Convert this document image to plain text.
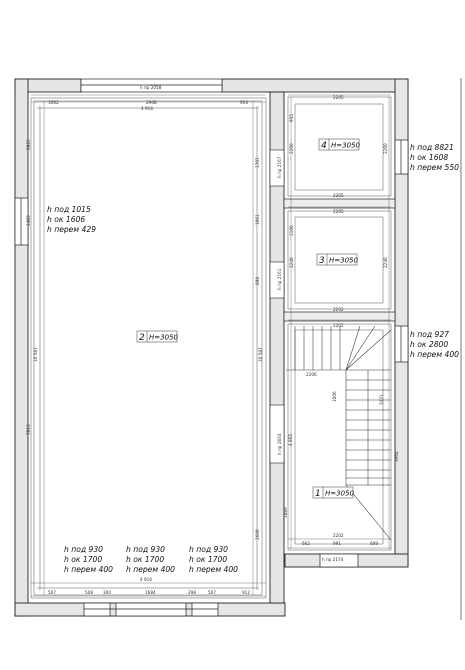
2 H=3050
4 H=3050
3 H=3050
1 H=3050
h под 1015
h ок 1606
h перем 429
h под 8821
h ок 1608
h перем 550
h под 927
h ок 2800
h перем 400
h под 930
h ок 1700
h перем 400
h под 930
h ок 1700
h перем 400
h под 930
h ок 1700
h перем 400
h пр 2058
1062	2908	954
4 916
2205
2205
2205
2202
2202
2202
602	991	609
h пр 2174
4 916
507	508 300	1684	298	507	912
10 587
7013
2025
1403
10 587
2260	2260
h пр 2167
935
2240	2240
h пр 2161
1160
1889
3964
h пр 2834
2206
1006	3171
4 955
1707
898
1061
2609
